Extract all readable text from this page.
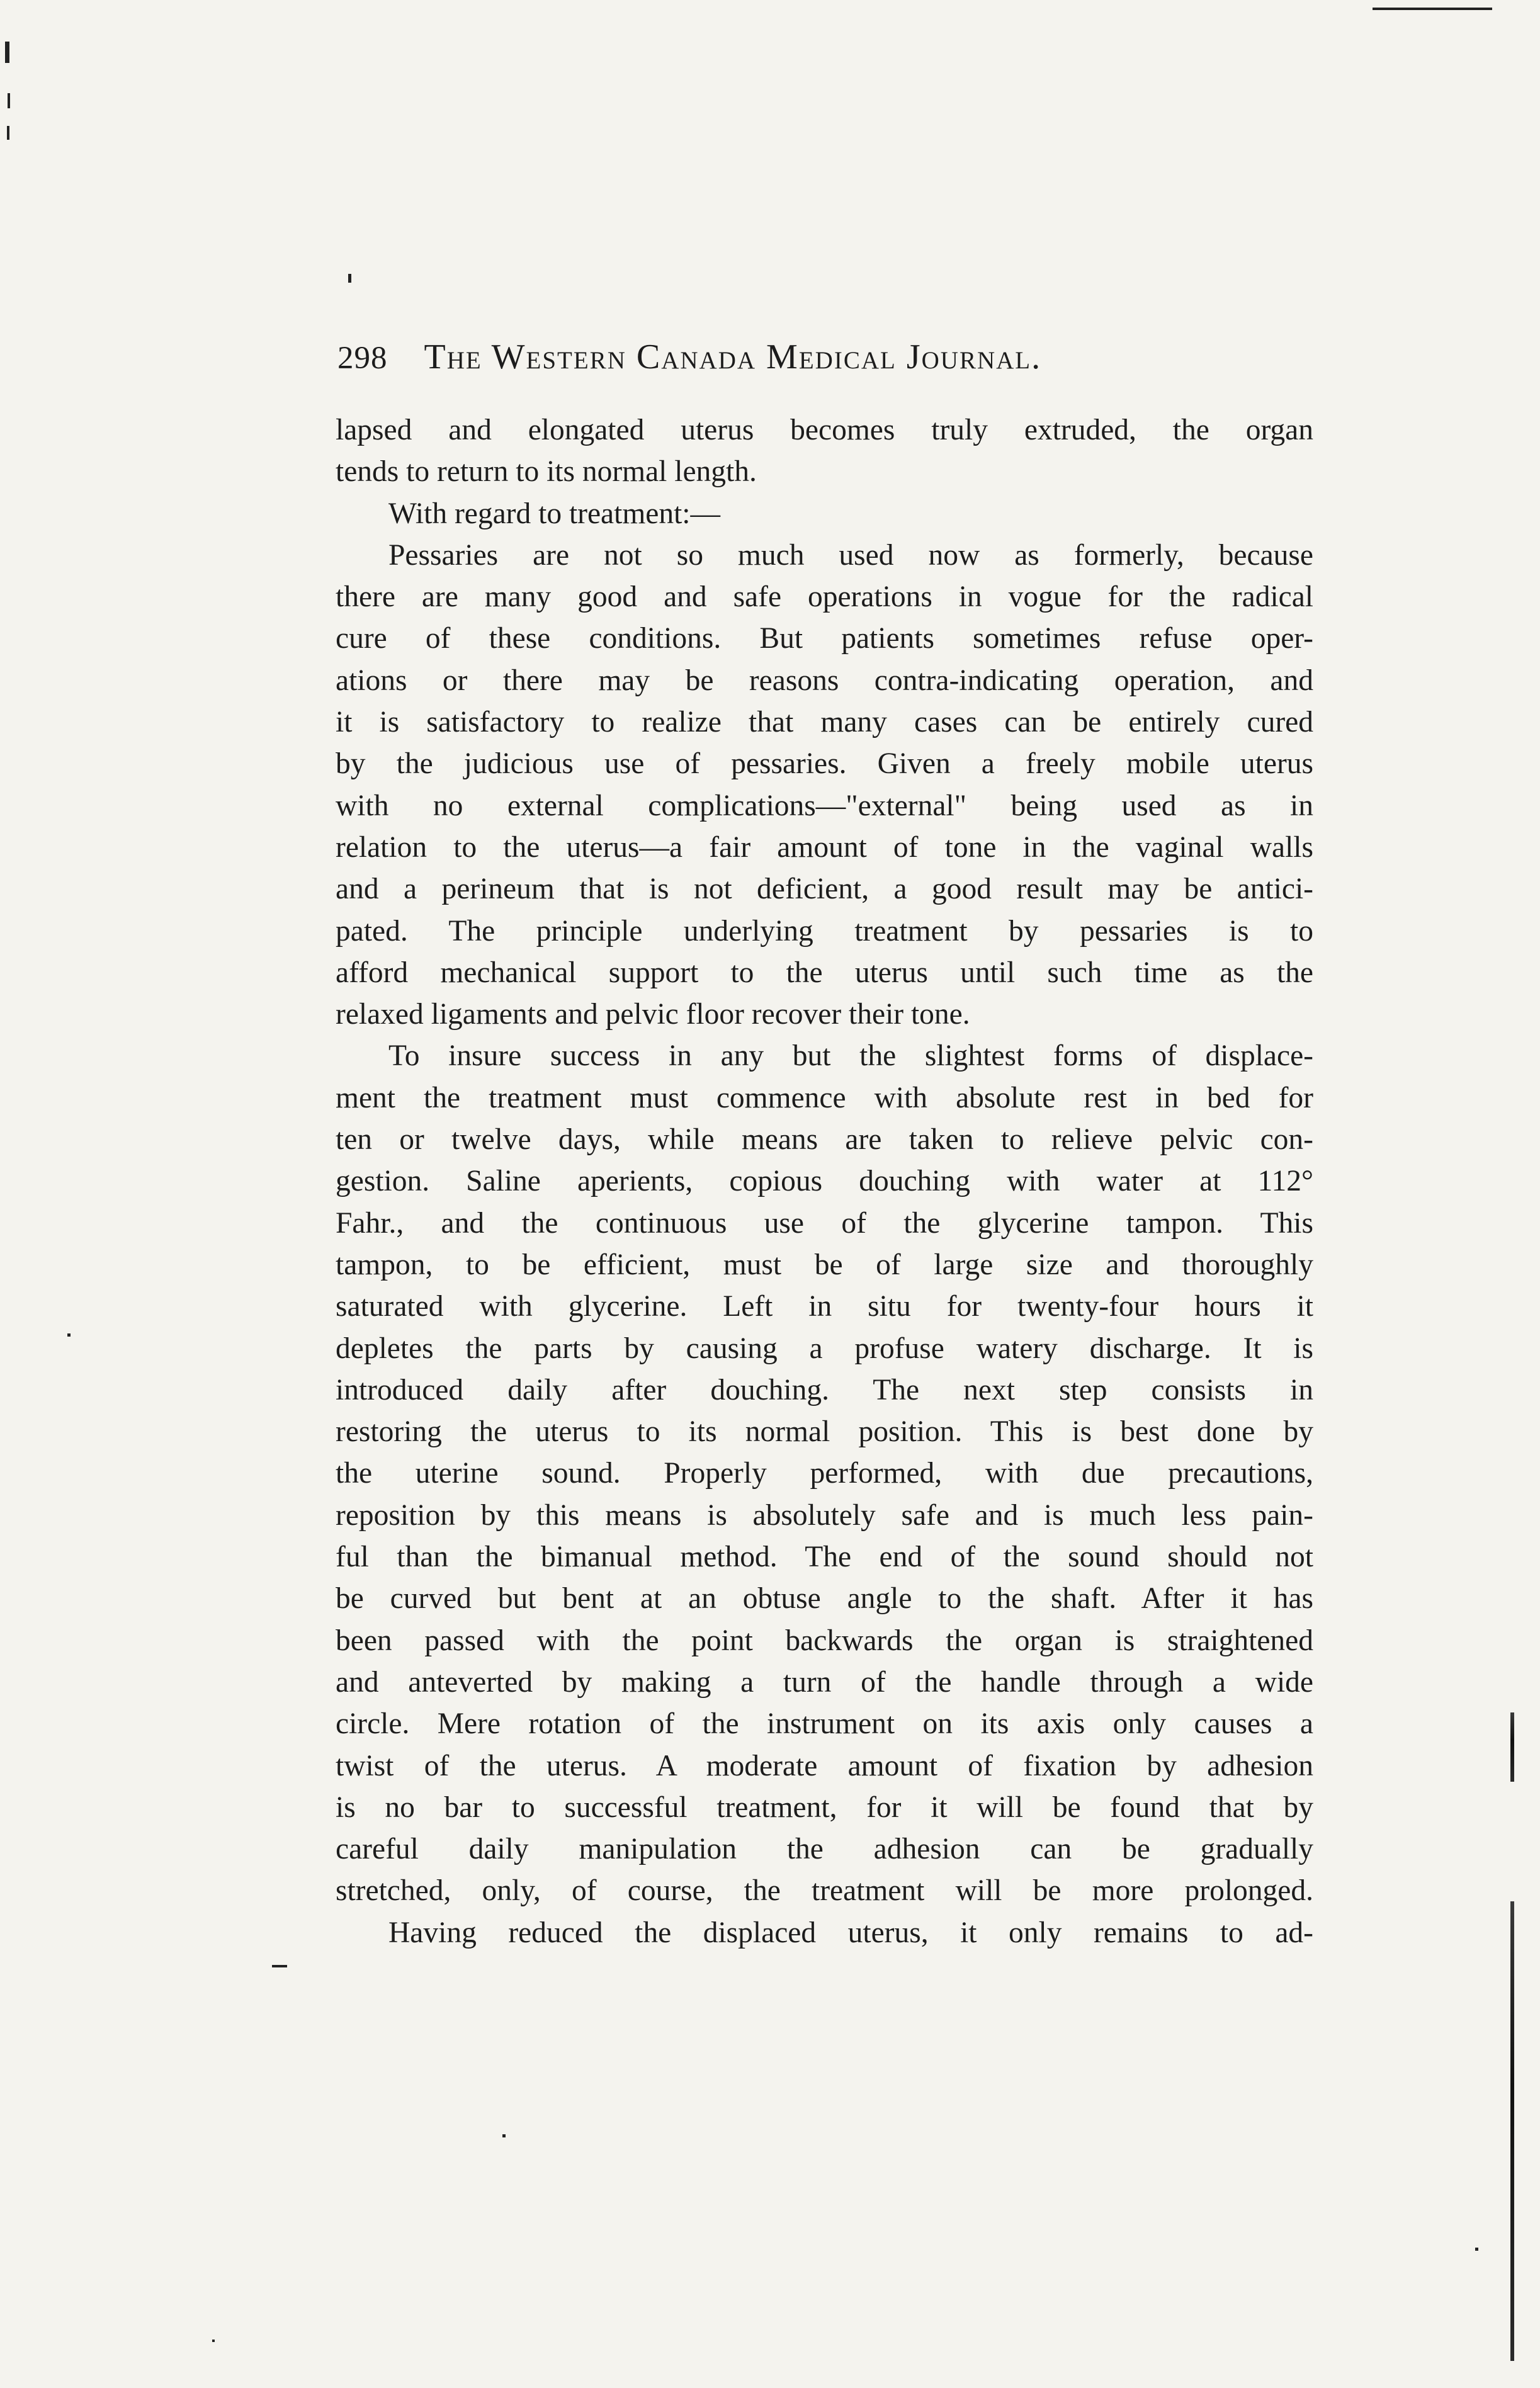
298 The Western Canada Medical Journal.
lapsed and elongated uterus becomes truly extruded, the organ
tends to return to its normal length.
With regard to treatment:—
Pessaries are not so much used now as formerly, because
there are many good and safe operations in vogue for the radical
cure of these conditions. But patients sometimes refuse oper-
ations or there may be reasons contra-indicating operation, and
it is satisfactory to realize that many cases can be entirely cured
by the judicious use of pessaries. Given a freely mobile uterus
with no external complications—"external" being used as in
relation to the uterus—a fair amount of tone in the vaginal walls
and a perineum that is not deficient, a good result may be antici-
pated. The principle underlying treatment by pessaries is to
afford mechanical support to the uterus until such time as the
relaxed ligaments and pelvic floor recover their tone.
To insure success in any but the slightest forms of displace-
ment the treatment must commence with absolute rest in bed for
ten or twelve days, while means are taken to relieve pelvic con-
gestion. Saline aperients, copious douching with water at 112°
Fahr., and the continuous use of the glycerine tampon. This
tampon, to be efficient, must be of large size and thoroughly
saturated with glycerine. Left in situ for twenty-four hours it
depletes the parts by causing a profuse watery discharge. It is
introduced daily after douching. The next step consists in
restoring the uterus to its normal position. This is best done by
the uterine sound. Properly performed, with due precautions,
reposition by this means is absolutely safe and is much less pain-
ful than the bimanual method. The end of the sound should not
be curved but bent at an obtuse angle to the shaft. After it has
been passed with the point backwards the organ is straightened
and anteverted by making a turn of the handle through a wide
circle. Mere rotation of the instrument on its axis only causes a
twist of the uterus. A moderate amount of fixation by adhesion
is no bar to successful treatment, for it will be found that by
careful daily manipulation the adhesion can be gradually
stretched, only, of course, the treatment will be more prolonged.
Having reduced the displaced uterus, it only remains to ad-
